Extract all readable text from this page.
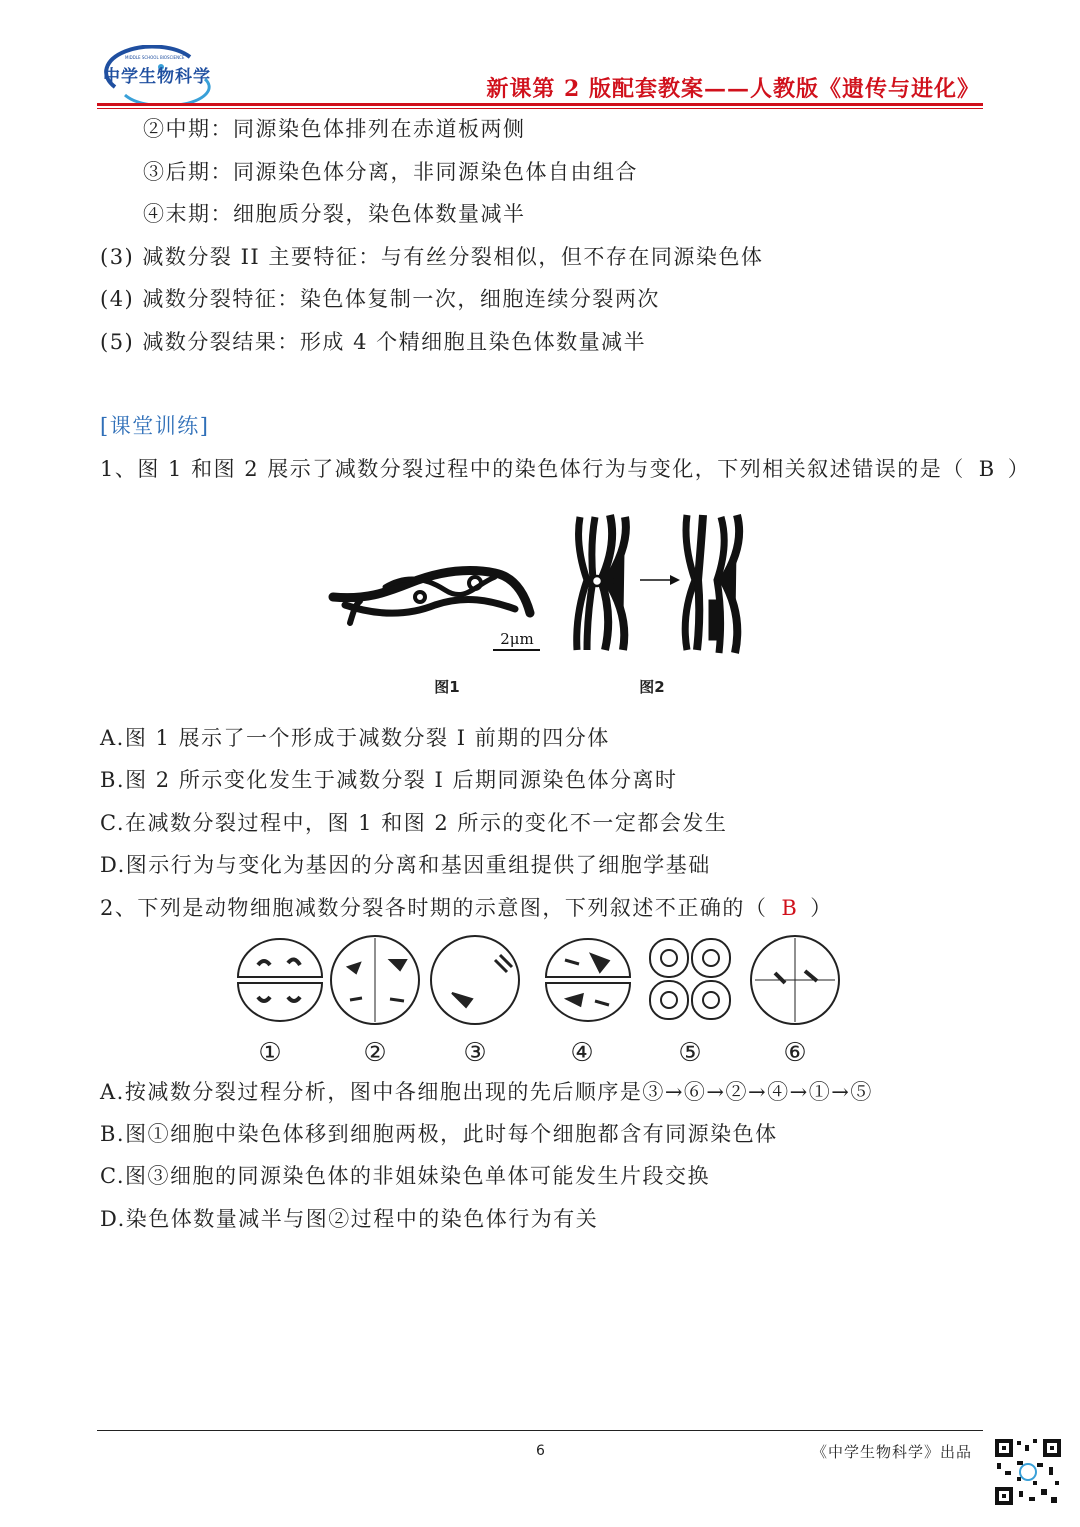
MIDDLE SCHOOL BIOSCIENCE
中学生物科学	新课第 2 版配套教案——人教版《遗传与进化》
②中期：同源染色体排列在赤道板两侧
③后期：同源染色体分离，非同源染色体自由组合
④末期：细胞质分裂，染色体数量减半
(3) 减数分裂 II 主要特征：与有丝分裂相似，但不存在同源染色体
(4) 减数分裂特征：染色体复制一次，细胞连续分裂两次
(5) 减数分裂结果：形成 4 个精细胞且染色体数量减半
[课堂训练]
1、图 1 和图 2 展示了减数分裂过程中的染色体行为与变化，下列相关叙述错误的是（ B ）
2μm
图1	图2
A.图 1 展示了一个形成于减数分裂 I 前期的四分体
B.图 2 所示变化发生于减数分裂 I 后期同源染色体分离时
C.在减数分裂过程中，图 1 和图 2 所示的变化不一定都会发生
D.图示行为与变化为基因的分离和基因重组提供了细胞学基础
2、下列是动物细胞减数分裂各时期的示意图，下列叙述不正确的（ B ）
①	②	③	④	⑤	⑥
A.按减数分裂过程分析，图中各细胞出现的先后顺序是③→⑥→②→④→①→⑤
B.图①细胞中染色体移到细胞两极，此时每个细胞都含有同源染色体
C.图③细胞的同源染色体的非姐妹染色单体可能发生片段交换
D.染色体数量减半与图②过程中的染色体行为有关
6	《中学生物科学》出品
